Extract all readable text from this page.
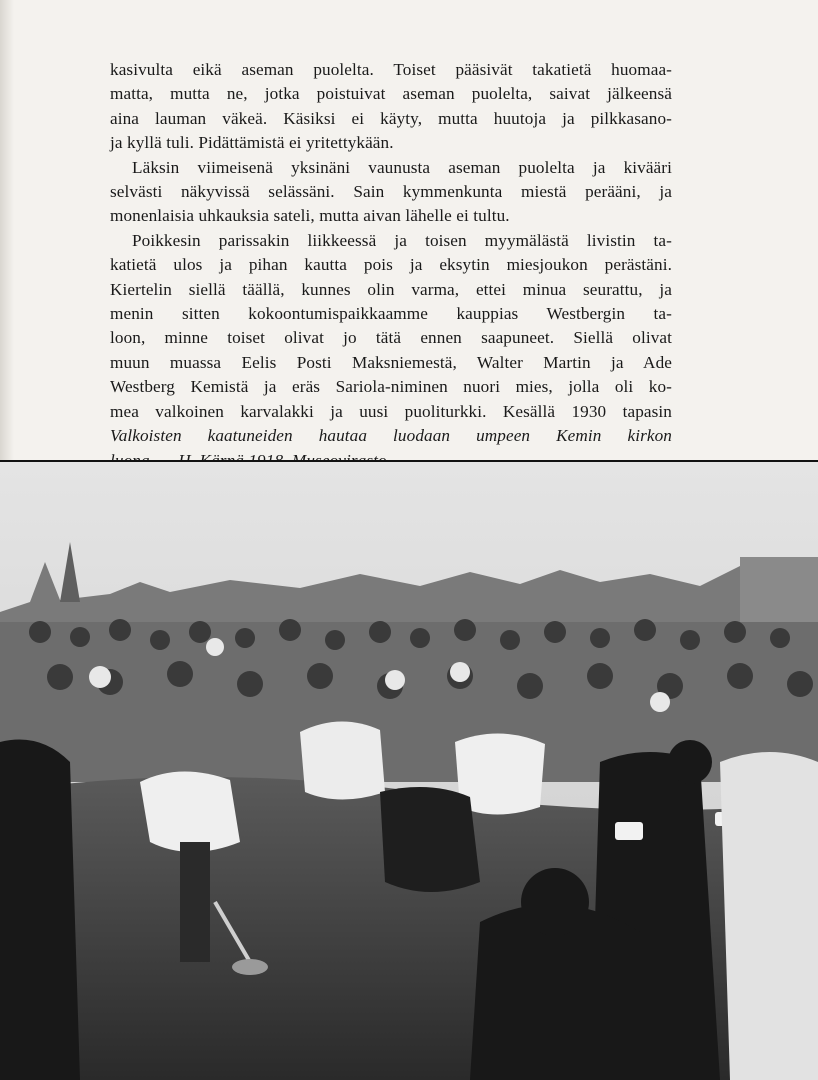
kasivulta eikä aseman puolelta. Toiset pääsivät takatietä huomaa-
matta, mutta ne, jotka poistuivat aseman puolelta, saivat jälkeensä
aina lauman väkeä. Käsiksi ei käyty, mutta huutoja ja pilkkasano-
ja kyllä tuli. Pidättämistä ei yritettykään.

Läksin viimeisenä yksinäni vaunusta aseman puolelta ja kivääri
selvästi näkyvissä selässäni. Sain kymmenkunta miestä perääni, ja
monenlaisia uhkauksia sateli, mutta aivan lähelle ei tultu.

Poikkesin parissakin liikkeessä ja toisen myymälästä livistin ta-
katietä ulos ja pihan kautta pois ja eksytin miesjoukon perästäni.
Kiertelin siellä täällä, kunnes olin varma, ettei minua seurattu, ja
menin sitten kokoontumispaikkaamme kauppias Westbergin ta-
loon, minne toiset olivat jo tätä ennen saapuneet. Siellä olivat
muun muassa Eelis Posti Maksniemestä, Walter Martin ja Ade
Westberg Kemistä ja eräs Sariola-niminen nuori mies, jolla oli ko-
mea valkoinen karvalakki ja uusi puoliturkki. Kesällä 1930 tapasin

Valkoisten kaatuneiden hautaa luodaan umpeen Kemin kirkon
